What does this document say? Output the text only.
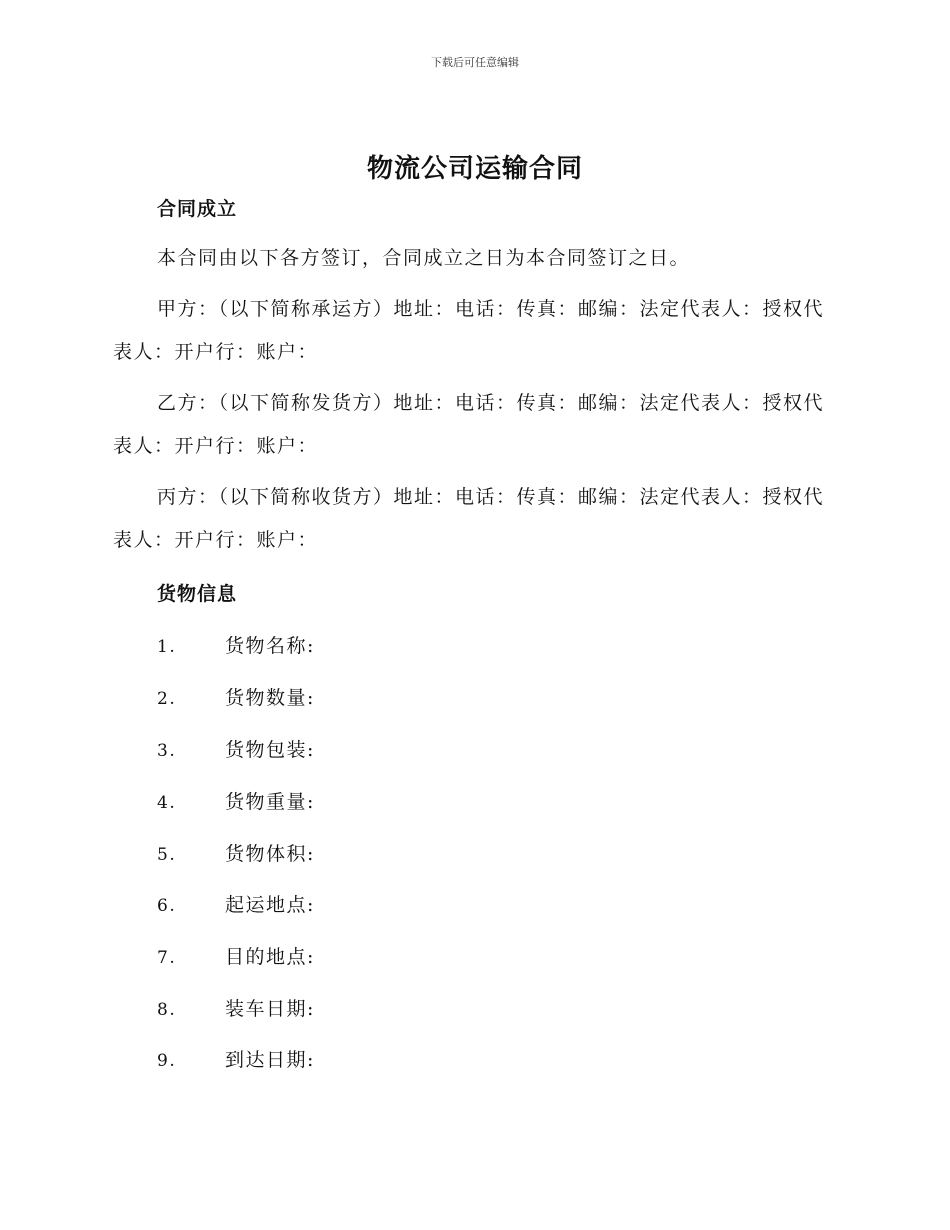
下载后可任意编辑
物流公司运输合同
合同成立
本合同由以下各方签订，合同成立之日为本合同签订之日。
甲方：（以下简称承运方）地址：电话：传真：邮编：法定代表人：授权代表人：开户行：账户：
乙方：（以下简称发货方）地址：电话：传真：邮编：法定代表人：授权代表人：开户行：账户：
丙方：（以下简称收货方）地址：电话：传真：邮编：法定代表人：授权代表人：开户行：账户：
货物信息
1.	货物名称:
2.	货物数量:
3.	货物包装:
4.	货物重量:
5.	货物体积:
6.	起运地点:
7.	目的地点:
8.	装车日期:
9.	到达日期:
